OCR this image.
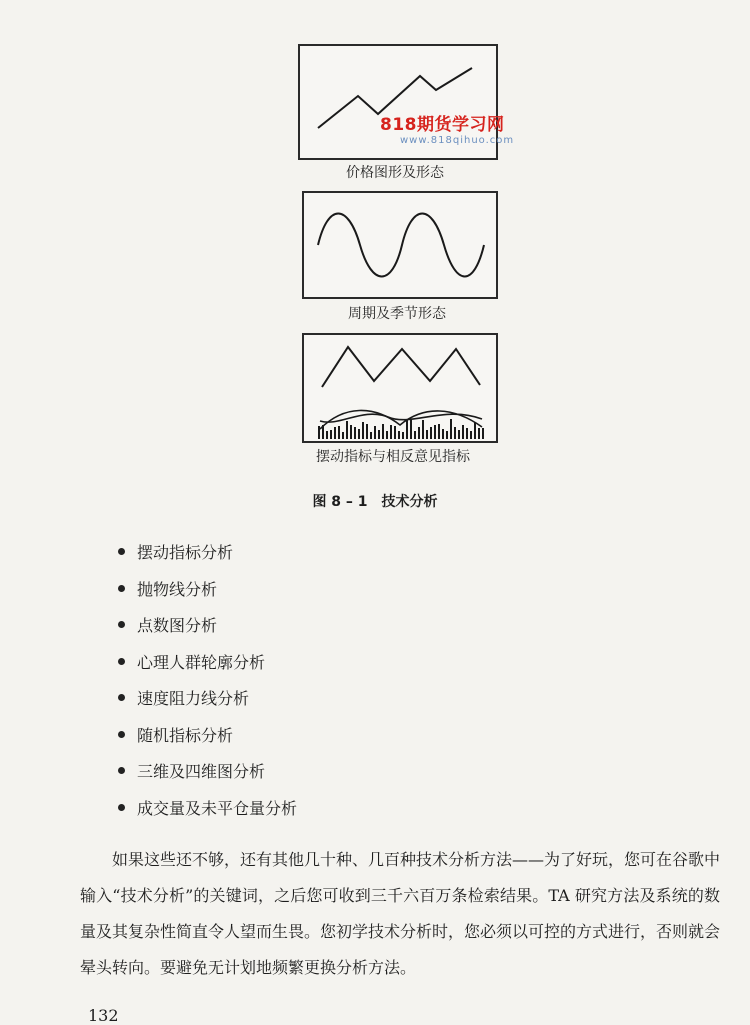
价格图形及形态
周期及季节形态
摆动指标与相反意见指标
818期货学习网
www.818qihuo.com
图 8 – 1　技术分析
摆动指标分析
抛物线分析
点数图分析
心理人群轮廓分析
速度阻力线分析
随机指标分析
三维及四维图分析
成交量及未平仓量分析

如果这些还不够，还有其他几十种、几百种技术分析方法——为了好玩，您可在谷歌中输入“技术分析”的关键词，之后您可收到三千六百万条检索结果。TA 研究方法及系统的数量及其复杂性简直令人望而生畏。您初学技术分析时，您必须以可控的方式进行，否则就会晕头转向。要避免无计划地频繁更换分析方法。

132
